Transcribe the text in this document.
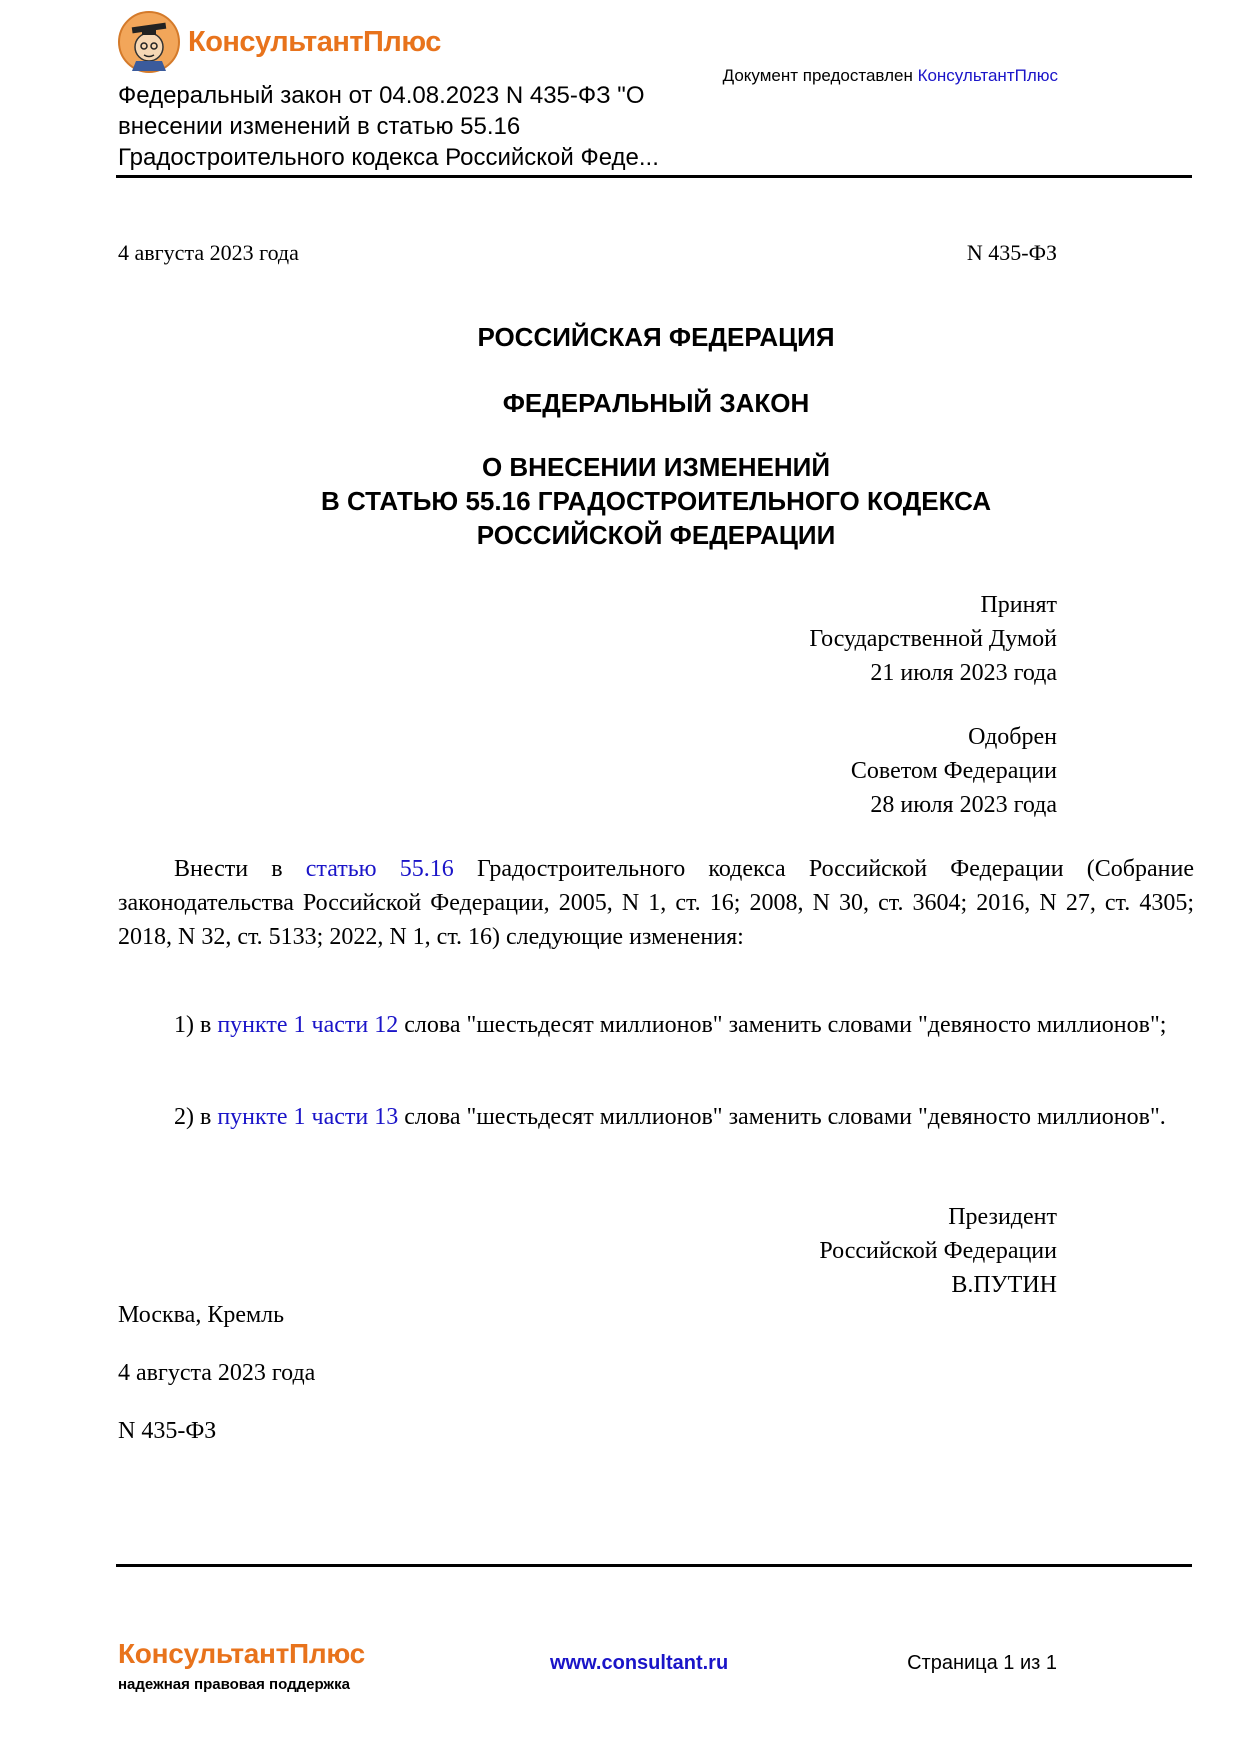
КонсультантПлюс
Федеральный закон от 04.08.2023 N 435-ФЗ "О
внесении изменений в статью 55.16
Градостроительного кодекса Российской Феде...
Документ предоставлен КонсультантПлюс
4 августа 2023 года	N 435-ФЗ
РОССИЙСКАЯ ФЕДЕРАЦИЯ
ФЕДЕРАЛЬНЫЙ ЗАКОН
О ВНЕСЕНИИ ИЗМЕНЕНИЙ
В СТАТЬЮ 55.16 ГРАДОСТРОИТЕЛЬНОГО КОДЕКСА
РОССИЙСКОЙ ФЕДЕРАЦИИ
Принят
Государственной Думой
21 июля 2023 года
Одобрен
Советом Федерации
28 июля 2023 года
Внести в статью 55.16 Градостроительного кодекса Российской Федерации (Собрание законодательства Российской Федерации, 2005, N 1, ст. 16; 2008, N 30, ст. 3604; 2016, N 27, ст. 4305; 2018, N 32, ст. 5133; 2022, N 1, ст. 16) следующие изменения:
1) в пункте 1 части 12 слова "шестьдесят миллионов" заменить словами "девяносто миллионов";
2) в пункте 1 части 13 слова "шестьдесят миллионов" заменить словами "девяносто миллионов".
Президент
Российской Федерации
В.ПУТИН
Москва, Кремль
4 августа 2023 года
N 435-ФЗ
КонсультантПлюс
надежная правовая поддержка
www.consultant.ru	Страница 1 из 1
